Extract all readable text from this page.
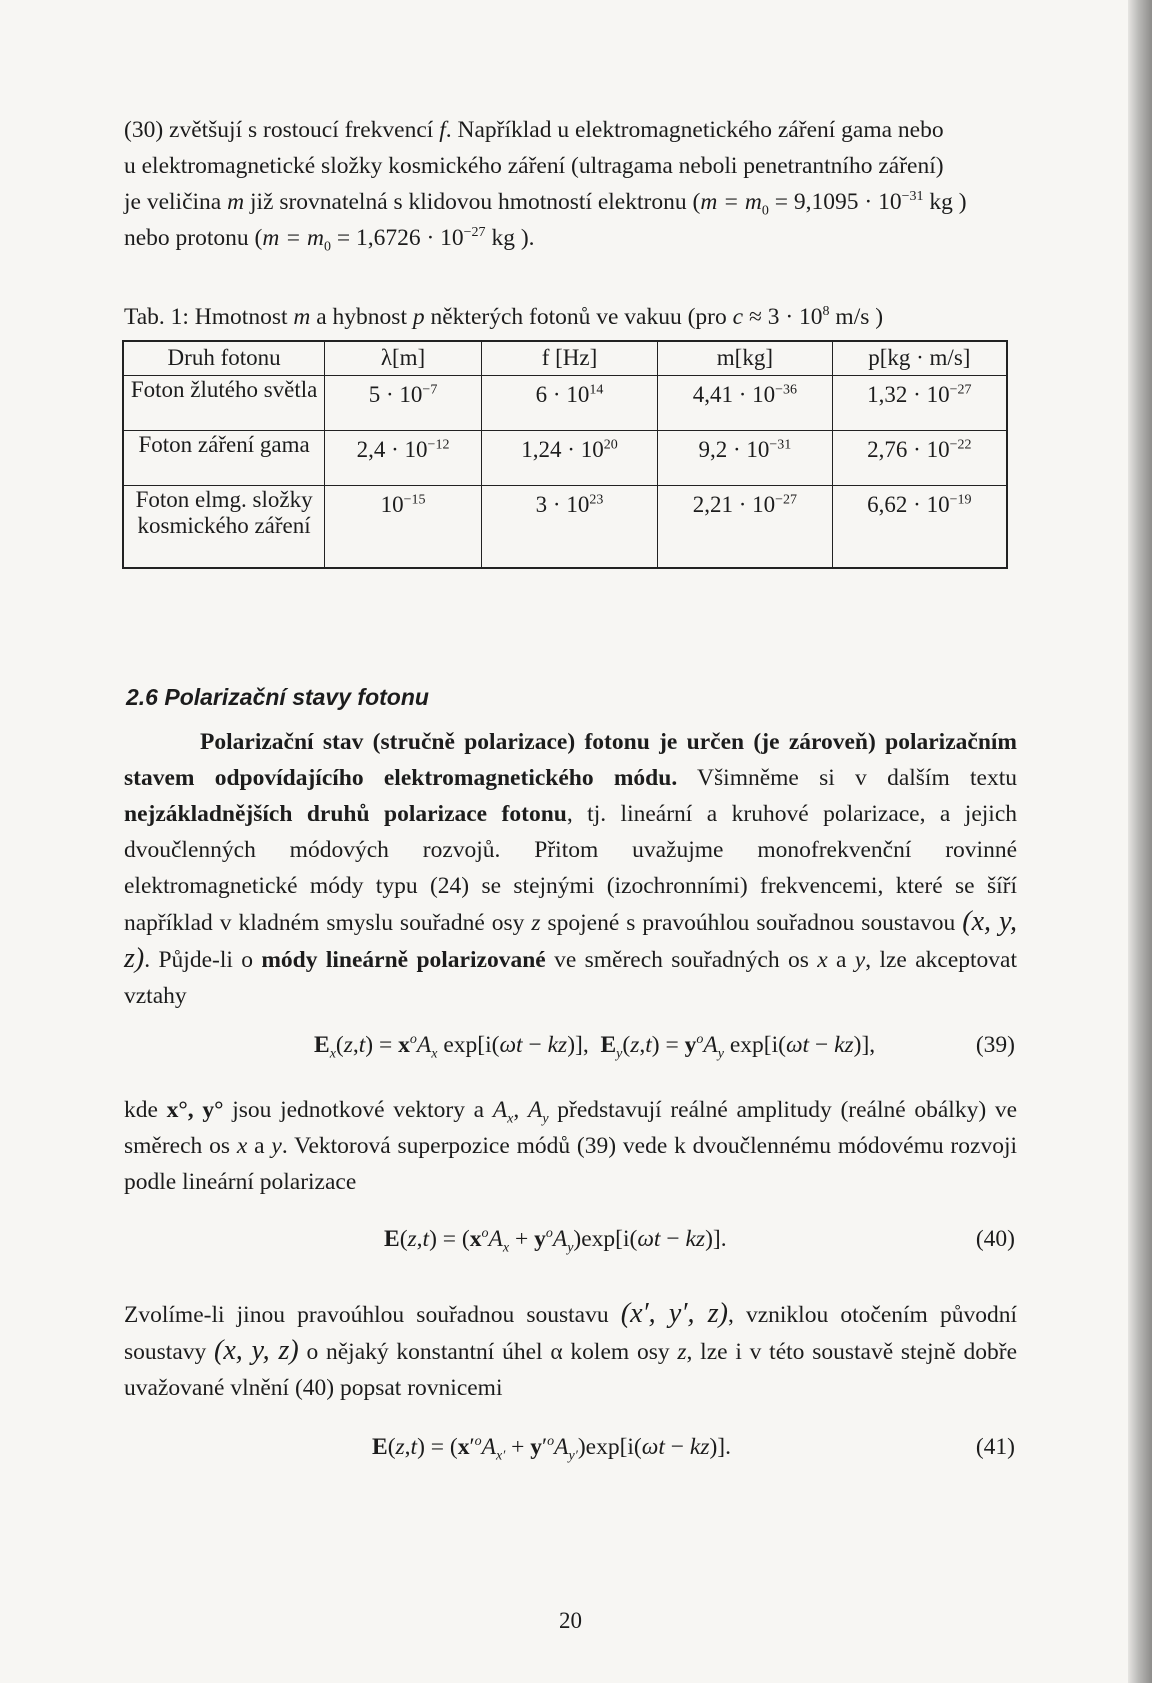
(30) zvětšují s rostoucí frekvencí f. Například u elektromagnetického záření gama nebo

u elektromagnetické složky kosmického záření (ultragama neboli penetrantního záření)

je veličina m již srovnatelná s klidovou hmotností elektronu ($m = m_0 = 9,1095 \cdot 10^{-31}$ kg )

nebo protonu ($m = m_0 = 1,6726 \cdot 10^{-27}$ kg ).

Tab. 1: Hmotnost m a hybnost p některých fotonů ve vakuu (pro $c \approx 3 \cdot 10^8$ m/s )
Druh fotonu	λ[m]	f [Hz]	m[kg]	p[kg · m/s]
Foton žlutého světla	$5 \cdot 10^{-7}$	$6 \cdot 10^{14}$	$4,41 \cdot 10^{-36}$	$1,32 \cdot 10^{-27}$
Foton záření gama	$2,4 \cdot 10^{-12}$	$1,24 \cdot 10^{20}$	$9,2 \cdot 10^{-31}$	$2,76 \cdot 10^{-22}$
Foton elmg. složky kosmického záření	$10^{-15}$	$3 \cdot 10^{23}$	$2,21 \cdot 10^{-27}$	$6,62 \cdot 10^{-19}$
2.6 Polarizační stavy fotonu

Polarizační stav (stručně polarizace) fotonu je určen (je zároveň) polarizačním stavem odpovídajícího elektromagnetického módu. Všimněme si v dalším textu nejzákladnějších druhů polarizace fotonu, tj. lineární a kruhové polarizace, a jejich dvoučlenných módových rozvojů. Přitom uvažujme monofrekvenční rovinné elektromagnetické módy typu (24) se stejnými (izochronními) frekvencemi, které se šíří například v kladném smyslu souřadné osy z spojené s pravoúhlou souřadnou soustavou (x, y, z). Půjde-li o módy lineárně polarizované ve směrech souřadných os x a y, lze akceptovat vztahy

$E_x(z,t) = x^oA_x$ exp[i(ωt − kz)],  $E_y(z,t) = y^oA_y$ exp[i(ωt − kz)],	(39)

kde x°, y° jsou jednotkové vektory a $A_x$, $A_y$ představují reálné amplitudy (reálné obálky) ve směrech os x a y. Vektorová superpozice módů (39) vede k dvoučlennému módovému rozvoji podle lineární polarizace

$E(z,t) = (x^oA_x + y^oA_y)\exp[i(\omega t - kz)]$.	(40)

Zvolíme-li jinou pravoúhlou souřadnou soustavu (x′, y′, z), vzniklou otočením původní soustavy (x, y, z) o nějaký konstantní úhel α kolem osy z, lze i v této soustavě stejně dobře uvažované vlnění (40) popsat rovnicemi

$E(z,t) = (x'^oA_{x'} + y'^oA_{y'})\exp[i(\omega t - kz)]$.	(41)
20
